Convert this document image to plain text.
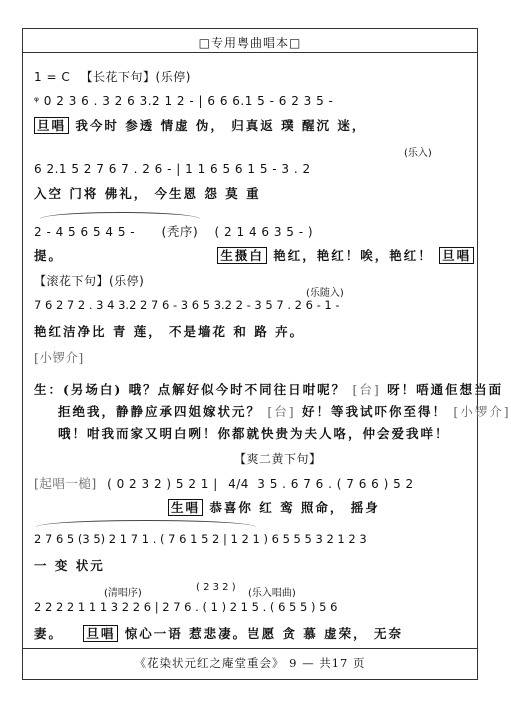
□专用粤曲唱本□
1 = C 【长花下句】(乐停)
ᵠ 0 2 3 6 . 3 2 6 3.2 1 2 - | 6 6 6.1 5 - 6 2 3 5 -
旦唱 我今时 参透 情虚 伪， 归真返 璞 醒沉 迷，
(乐入)
6 2.1 5 2 7 6 7 . 2 6 - | 1 1 6 5 6 1 5 - 3 . 2
入空 门将 佛礼， 今生恩 怨 莫 重
2 - 4 5 6 5 4 5 - (秃序) ( 2 1 4 6 3 5 - )
提。	生摄白 艳红，艳红！唉，艳红！ 旦唱
【滚花下句】(乐停)
(乐随入)
7 6 2 7 2 . 3 4 3.2 2 7 6 - 3 6 5 3.2 2 - 3 5 7 . 2 6 - 1 -
艳红洁净比 青 莲， 不是墙花 和 路 卉。
[小锣介]
生：(另场白) 哦？点解好似今时不同往日咁呢？ [台] 呀！唔通佢想当面
拒绝我，静静应承四姐嫁状元？ [台] 好！等我试吓你至得！ [小锣介]
哦！咁我而家又明白咧！你都就快贵为夫人咯，仲会爱我咩！
【爽二黄下句】
[起唱一槌] ( 0 2 3 2 ) 5 2 1 | 4/4 3 5 . 6 7 6 . ( 7 6 6 ) 5 2
生唱 恭喜你 红 鸾 照命， 摇身
2 7 6 5 (3 5) 2 1 7 1 . ( 7 6 1 5 2 | 1 2 1 ) 6 5 5 5 3 2 1 2 3
一 变 状元
(清唱序)
( 2 3 2 )
(乐入唱曲)
2 2 2 2 1 1 1 3 2 2 6 | 2 7 6 . ( 1 ) 2 1 5 . ( 6 5 5 ) 5 6
妻。 旦唱 惊心一语 惹悲凄。岂愿 贪 慕 虚荣， 无奈
《花染状元红之庵堂重会》 9 — 共17 页
